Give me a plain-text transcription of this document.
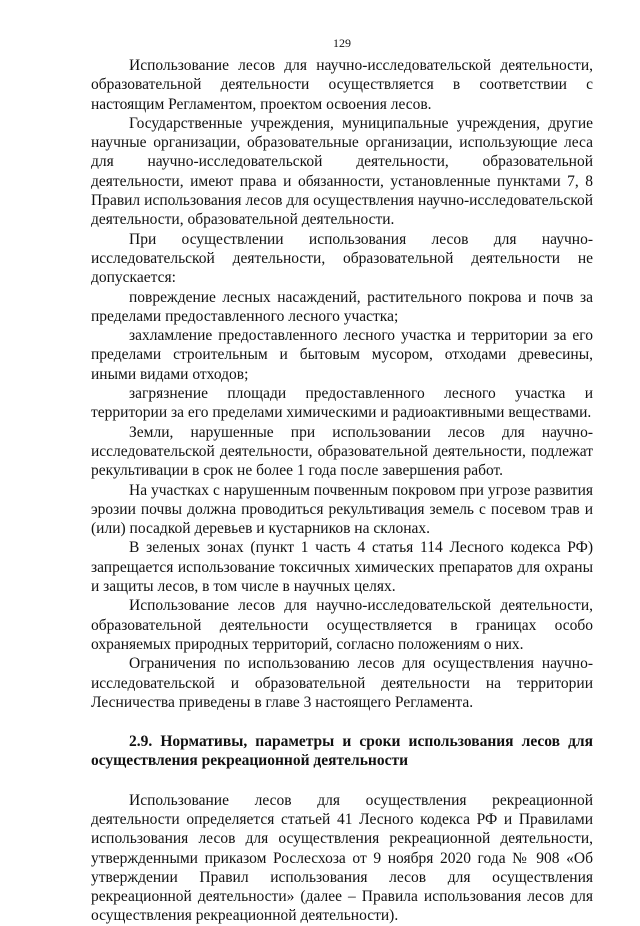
129

Использование лесов для научно-исследовательской деятельности, образовательной деятельности осуществляется в соответствии с настоящим Регламентом, проектом освоения лесов.

Государственные учреждения, муниципальные учреждения, другие научные организации, образовательные организации, использующие леса для научно-исследовательской деятельности, образовательной деятельности, имеют права и обязанности, установленные пунктами 7, 8 Правил использования лесов для осуществления научно-исследовательской деятельности, образовательной деятельности.

При осуществлении использования лесов для научно-исследовательской деятельности, образовательной деятельности не допускается:

повреждение лесных насаждений, растительного покрова и почв за пределами предоставленного лесного участка;

захламление предоставленного лесного участка и территории за его пределами строительным и бытовым мусором, отходами древесины, иными видами отходов;

загрязнение площади предоставленного лесного участка и территории за его пределами химическими и радиоактивными веществами.

Земли, нарушенные при использовании лесов для научно-исследовательской деятельности, образовательной деятельности, подлежат рекультивации в срок не более 1 года после завершения работ.

На участках с нарушенным почвенным покровом при угрозе развития эрозии почвы должна проводиться рекультивация земель с посевом трав и (или) посадкой деревьев и кустарников на склонах.

В зеленых зонах (пункт 1 часть 4 статья 114 Лесного кодекса РФ) запрещается использование токсичных химических препаратов для охраны и защиты лесов, в том числе в научных целях.

Использование лесов для научно-исследовательской деятельности, образовательной деятельности осуществляется в границах особо охраняемых природных территорий, согласно положениям о них.

Ограничения по использованию лесов для осуществления научно-исследовательской и образовательной деятельности на территории Лесничества приведены в главе 3 настоящего Регламента.

2.9. Нормативы, параметры и сроки использования лесов для осуществления рекреационной деятельности

Использование лесов для осуществления рекреационной деятельности определяется статьей 41 Лесного кодекса РФ и Правилами использования лесов для осуществления рекреационной деятельности, утвержденными приказом Рослесхоза от 9 ноября 2020 года № 908 «Об утверждении Правил использования лесов для осуществления рекреационной деятельности» (далее – Правила использования лесов для осуществления рекреационной деятельности).
